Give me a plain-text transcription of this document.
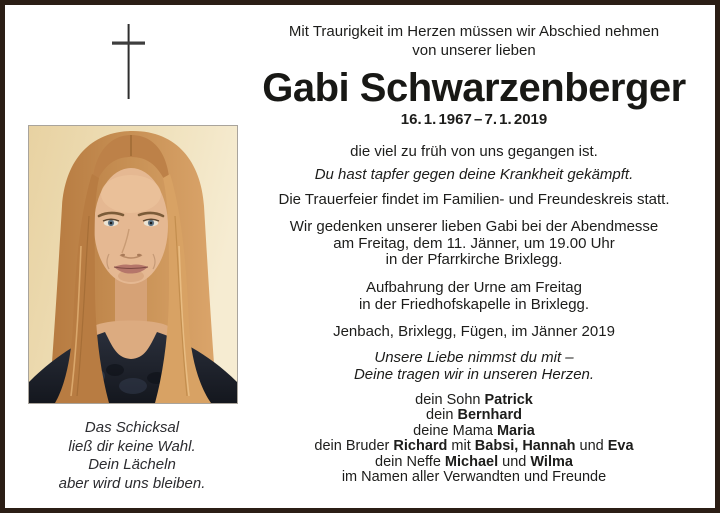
Das Schicksal
ließ dir keine Wahl.
Dein Lächeln
aber wird uns bleiben.
Mit Traurigkeit im Herzen müssen wir Abschied nehmen
von unserer lieben
Gabi Schwarzenberger
16. 1. 1967 – 7. 1. 2019
die viel zu früh von uns gegangen ist.
Du hast tapfer gegen deine Krankheit gekämpft.
Die Trauerfeier findet im Familien- und Freundeskreis statt.
Wir gedenken unserer lieben Gabi bei der Abendmesse
am Freitag, dem 11. Jänner, um 19.00 Uhr
in der Pfarrkirche Brixlegg.
Aufbahrung der Urne am Freitag
in der Friedhofskapelle in Brixlegg.
Jenbach, Brixlegg, Fügen, im Jänner 2019
Unsere Liebe nimmst du mit –
Deine tragen wir in unseren Herzen.
dein Sohn Patrick
dein Bernhard
deine Mama Maria
dein Bruder Richard mit Babsi, Hannah und Eva
dein Neffe Michael und Wilma
im Namen aller Verwandten und Freunde
